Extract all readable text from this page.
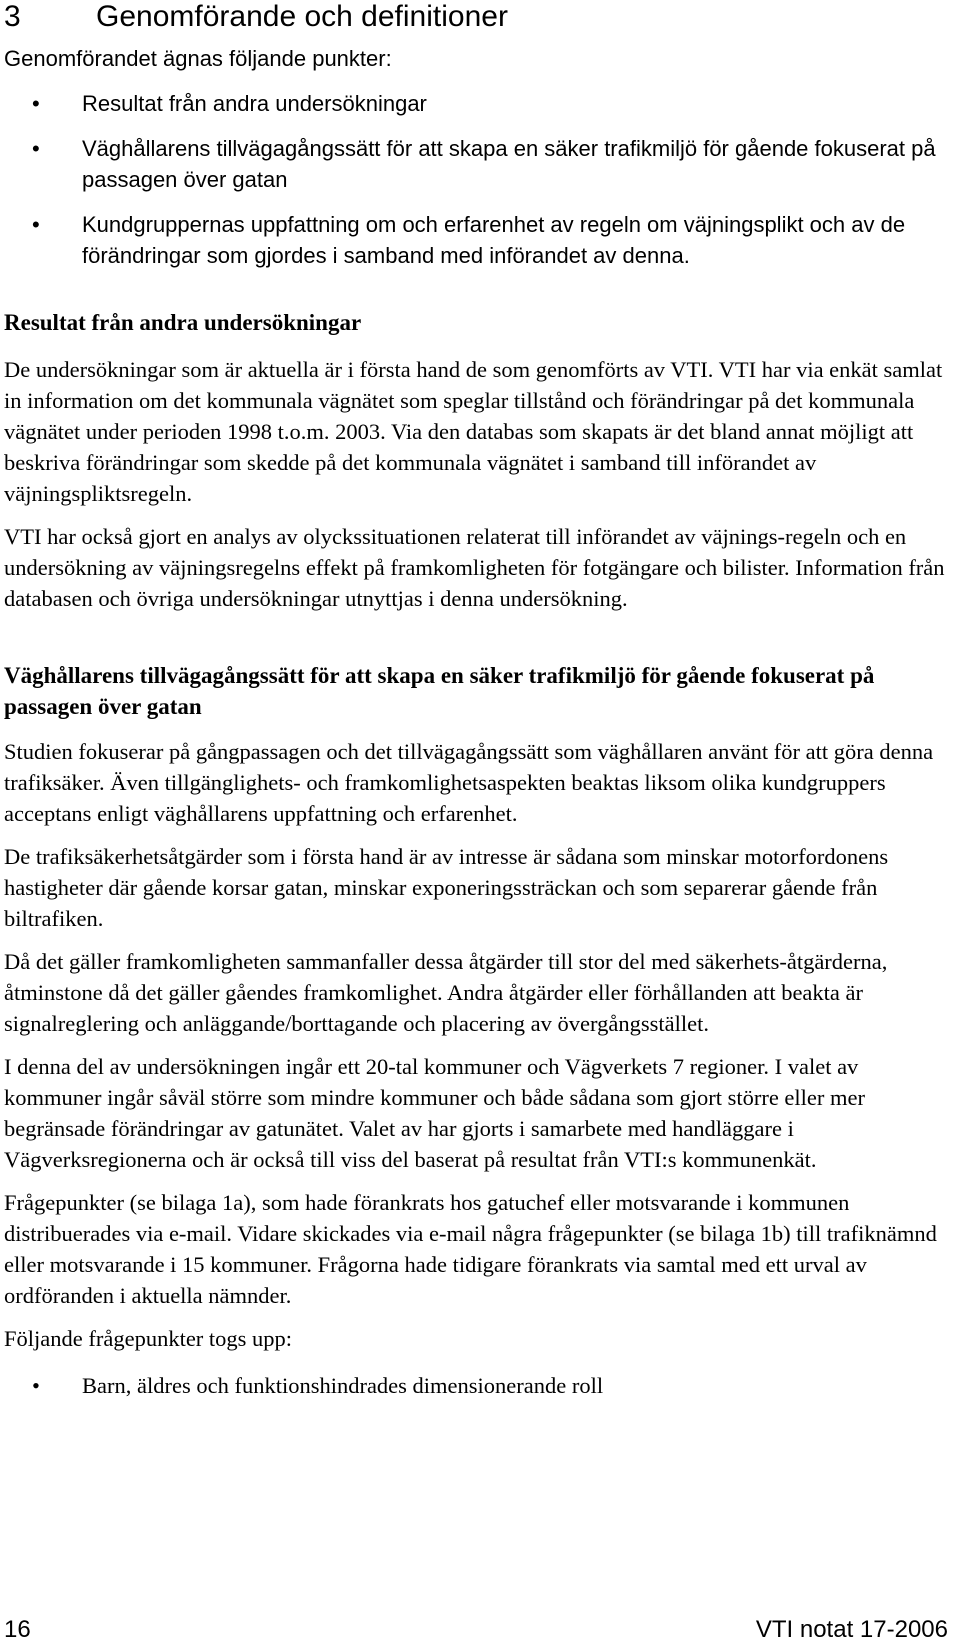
3	Genomförande och definitioner

Genomförandet ägnas följande punkter:

• Resultat från andra undersökningar
• Väghållarens tillvägagångssätt för att skapa en säker trafikmiljö för gående fokuserat på passagen över gatan
• Kundgruppernas uppfattning om och erfarenhet av regeln om väjningsplikt och av de förändringar som gjordes i samband med införandet av denna.
Resultat från andra undersökningar

De undersökningar som är aktuella är i första hand de som genomförts av VTI. VTI har via enkät samlat in information om det kommunala vägnätet som speglar tillstånd och förändringar på det kommunala vägnätet under perioden 1998 t.o.m. 2003. Via den databas som skapats är det bland annat möjligt att beskriva förändringar som skedde på det kommunala vägnätet i samband till införandet av väjningspliktsregeln.

VTI har också gjort en analys av olyckssituationen relaterat till införandet av väjnings-regeln och en undersökning av väjningsregelns effekt på framkomligheten för fotgängare och bilister. Information från databasen och övriga undersökningar utnyttjas i denna undersökning.

Väghållarens tillvägagångssätt för att skapa en säker trafikmiljö för gående fokuserat på passagen över gatan

Studien fokuserar på gångpassagen och det tillvägagångssätt som väghållaren använt för att göra denna trafiksäker. Även tillgänglighets- och framkomlighetsaspekten beaktas liksom olika kundgruppers acceptans enligt väghållarens uppfattning och erfarenhet.

De trafiksäkerhetsåtgärder som i första hand är av intresse är sådana som minskar motorfordonens hastigheter där gående korsar gatan, minskar exponeringssträckan och som separerar gående från biltrafiken.

Då det gäller framkomligheten sammanfaller dessa åtgärder till stor del med säkerhets-åtgärderna, åtminstone då det gäller gåendes framkomlighet. Andra åtgärder eller förhållanden att beakta är signalreglering och anläggande/borttagande och placering av övergångsstället.

I denna del av undersökningen ingår ett 20-tal kommuner och Vägverkets 7 regioner. I valet av kommuner ingår såväl större som mindre kommuner och både sådana som gjort större eller mer begränsade förändringar av gatunätet. Valet av har gjorts i samarbete med handläggare i Vägverksregionerna och är också till viss del baserat på resultat från VTI:s kommunenkät.

Frågepunkter (se bilaga 1a), som hade förankrats hos gatuchef eller motsvarande i kommunen distribuerades via e-mail. Vidare skickades via e-mail några frågepunkter (se bilaga 1b) till trafiknämnd eller motsvarande i 15 kommuner. Frågorna hade tidigare förankrats via samtal med ett urval av ordföranden i aktuella nämnder.

Följande frågepunkter togs upp:

• Barn, äldres och funktionshindrades dimensionerande roll
16	VTI notat 17-2006
